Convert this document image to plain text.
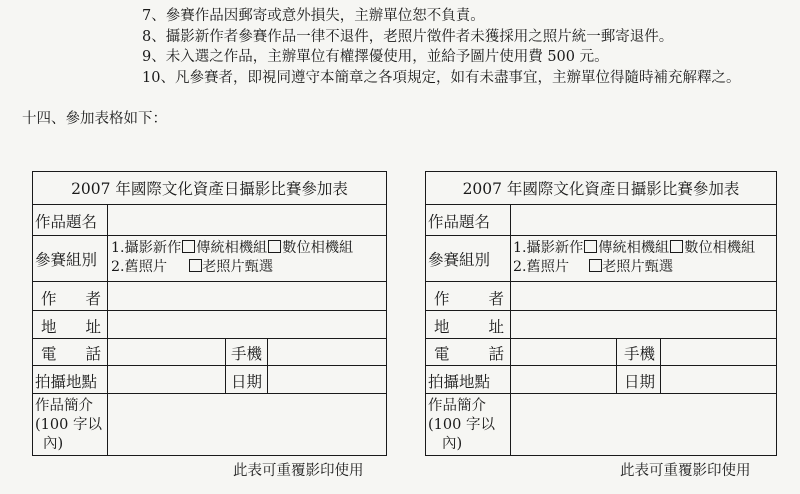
7、參賽作品因郵寄或意外損失，主辦單位恕不負責。
8、攝影新作者參賽作品一律不退件，老照片徵件者未獲採用之照片統一郵寄退件。
9、未入選之作品，主辦單位有權擇優使用，並給予圖片使用費 500 元。
10、凡參賽者，即視同遵守本簡章之各項規定，如有未盡事宜，主辦單位得隨時補充解釋之。
十四、參加表格如下：
2007 年國際文化資產日攝影比賽參加表
作品題名
參賽組別
1.攝影新作 傳統相機組 數位相機組
2.舊照片 老照片甄選
作 者
地 址
電 話	手機
拍攝地點	日期
作品簡介
(100 字以
內)
此表可重覆影印使用
2007 年國際文化資產日攝影比賽參加表
作品題名
參賽組別
1.攝影新作 傳統相機組 數位相機組
2.舊照片 老照片甄選
作	者
地	址
電	話	手機
拍攝地點	日期
作品簡介
(100 字以
內)
此表可重覆影印使用
